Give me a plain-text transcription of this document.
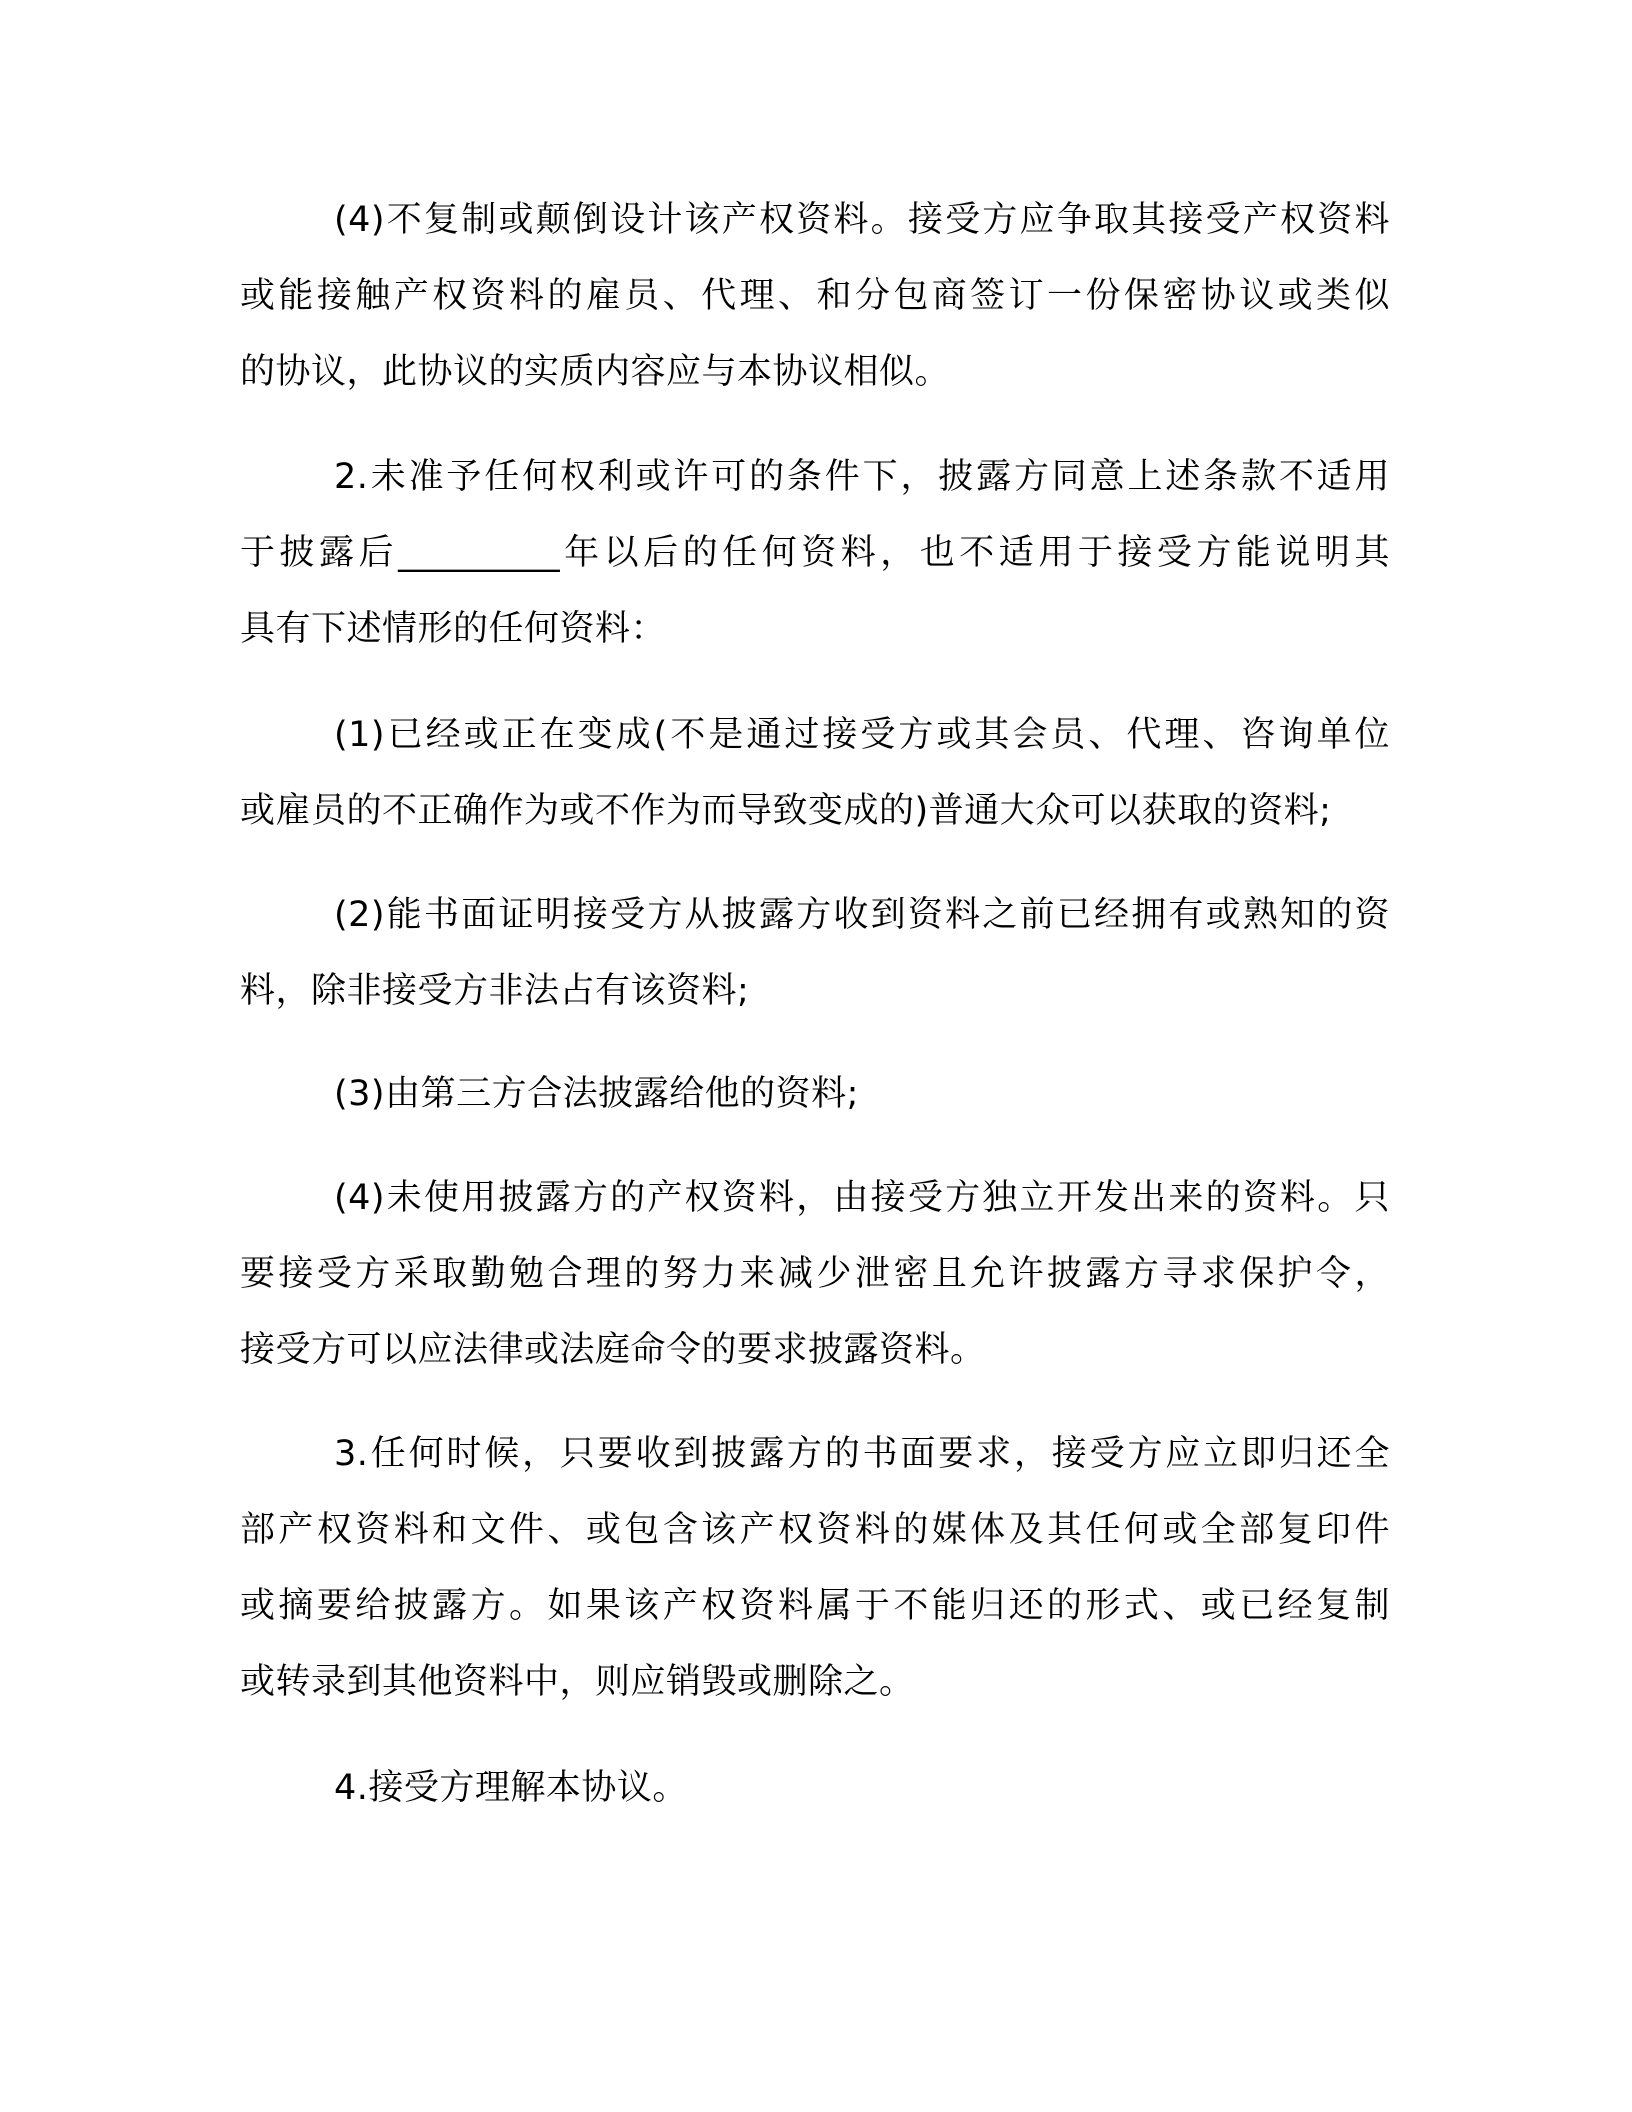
(4)不复制或颠倒设计该产权资料。接受方应争取其接受产权资料
或能接触产权资料的雇员、代理、和分包商签订一份保密协议或类似
的协议，此协议的实质内容应与本协议相似。

2.未准予任何权利或许可的条件下，披露方同意上述条款不适用
于披露后_________年以后的任何资料，也不适用于接受方能说明其
具有下述情形的任何资料：

(1)已经或正在变成(不是通过接受方或其会员、代理、咨询单位
或雇员的不正确作为或不作为而导致变成的)普通大众可以获取的资料;

(2)能书面证明接受方从披露方收到资料之前已经拥有或熟知的资
料，除非接受方非法占有该资料;

(3)由第三方合法披露给他的资料;

(4)未使用披露方的产权资料，由接受方独立开发出来的资料。只
要接受方采取勤勉合理的努力来减少泄密且允许披露方寻求保护令，
接受方可以应法律或法庭命令的要求披露资料。

3.任何时候，只要收到披露方的书面要求，接受方应立即归还全
部产权资料和文件、或包含该产权资料的媒体及其任何或全部复印件
或摘要给披露方。如果该产权资料属于不能归还的形式、或已经复制
或转录到其他资料中，则应销毁或删除之。

4.接受方理解本协议。
